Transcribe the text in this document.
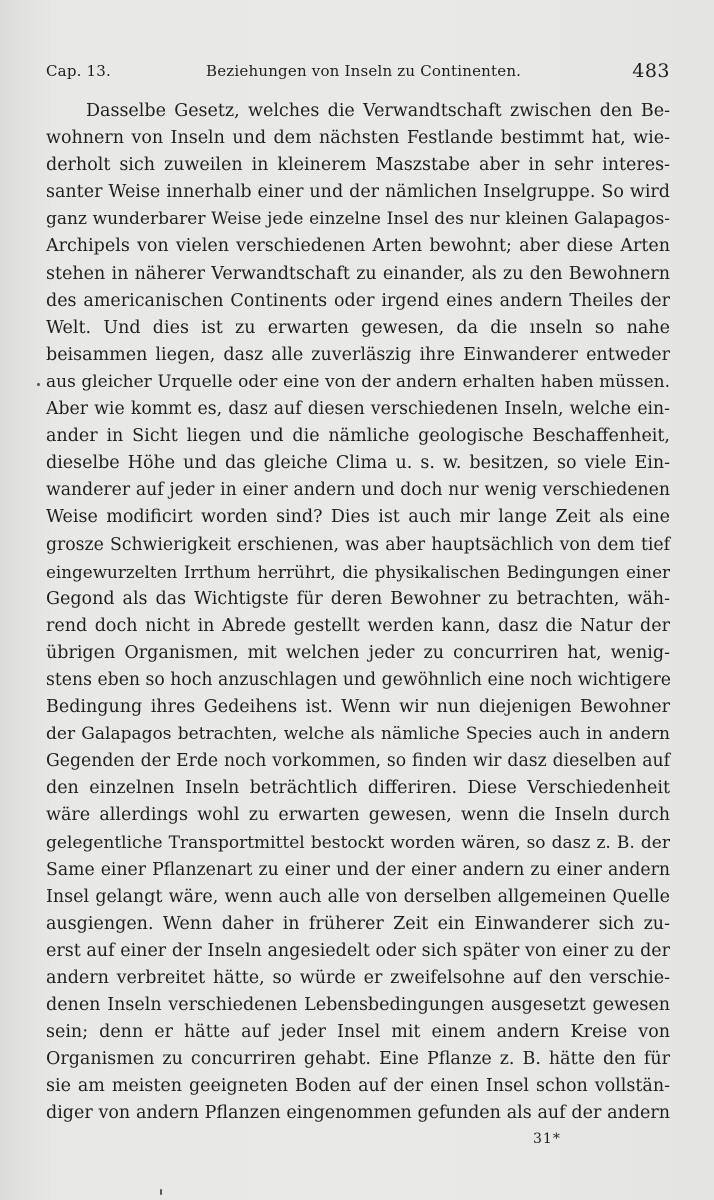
Cap. 13.	Beziehungen von Inseln zu Continenten.	483
Dasselbe Gesetz, welches die Verwandtschaft zwischen den Be-
wohnern von Inseln und dem nächsten Festlande bestimmt hat, wie-
derholt sich zuweilen in kleinerem Maszstabe aber in sehr interes-
santer Weise innerhalb einer und der nämlichen Inselgruppe. So wird
ganz wunderbarer Weise jede einzelne Insel des nur kleinen Galapagos-
Archipels von vielen verschiedenen Arten bewohnt; aber diese Arten
stehen in näherer Verwandtschaft zu einander, als zu den Bewohnern
des americanischen Continents oder irgend eines andern Theiles der
Welt. Und dies ist zu erwarten gewesen, da die ınseln so nahe
beisammen liegen, dasz alle zuverläszig ihre Einwanderer entweder
aus gleicher Urquelle oder eine von der andern erhalten haben müssen.
Aber wie kommt es, dasz auf diesen verschiedenen Inseln, welche ein-
ander in Sicht liegen und die nämliche geologische Beschaffenheit,
dieselbe Höhe und das gleiche Clima u. s. w. besitzen, so viele Ein-
wanderer auf jeder in einer andern und doch nur wenig verschiedenen
Weise modificirt worden sind? Dies ist auch mir lange Zeit als eine
grosze Schwierigkeit erschienen, was aber hauptsächlich von dem tief
eingewurzelten Irrthum herrührt, die physikalischen Bedingungen einer
Gegond als das Wichtigste für deren Bewohner zu betrachten, wäh-
rend doch nicht in Abrede gestellt werden kann, dasz die Natur der
übrigen Organismen, mit welchen jeder zu concurriren hat, wenig-
stens eben so hoch anzuschlagen und gewöhnlich eine noch wichtigere
Bedingung ihres Gedeihens ist. Wenn wir nun diejenigen Bewohner
der Galapagos betrachten, welche als nämliche Species auch in andern
Gegenden der Erde noch vorkommen, so finden wir dasz dieselben auf
den einzelnen Inseln beträchtlich differiren. Diese Verschiedenheit
wäre allerdings wohl zu erwarten gewesen, wenn die Inseln durch
gelegentliche Transportmittel bestockt worden wären, so dasz z. B. der
Same einer Pflanzenart zu einer und der einer andern zu einer andern
Insel gelangt wäre, wenn auch alle von derselben allgemeinen Quelle
ausgiengen. Wenn daher in früherer Zeit ein Einwanderer sich zu-
erst auf einer der Inseln angesiedelt oder sich später von einer zu der
andern verbreitet hätte, so würde er zweifelsohne auf den verschie-
denen Inseln verschiedenen Lebensbedingungen ausgesetzt gewesen
sein; denn er hätte auf jeder Insel mit einem andern Kreise von
Organismen zu concurriren gehabt. Eine Pflanze z. B. hätte den für
sie am meisten geeigneten Boden auf der einen Insel schon vollstän-
diger von andern Pflanzen eingenommen gefunden als auf der andern
31*
